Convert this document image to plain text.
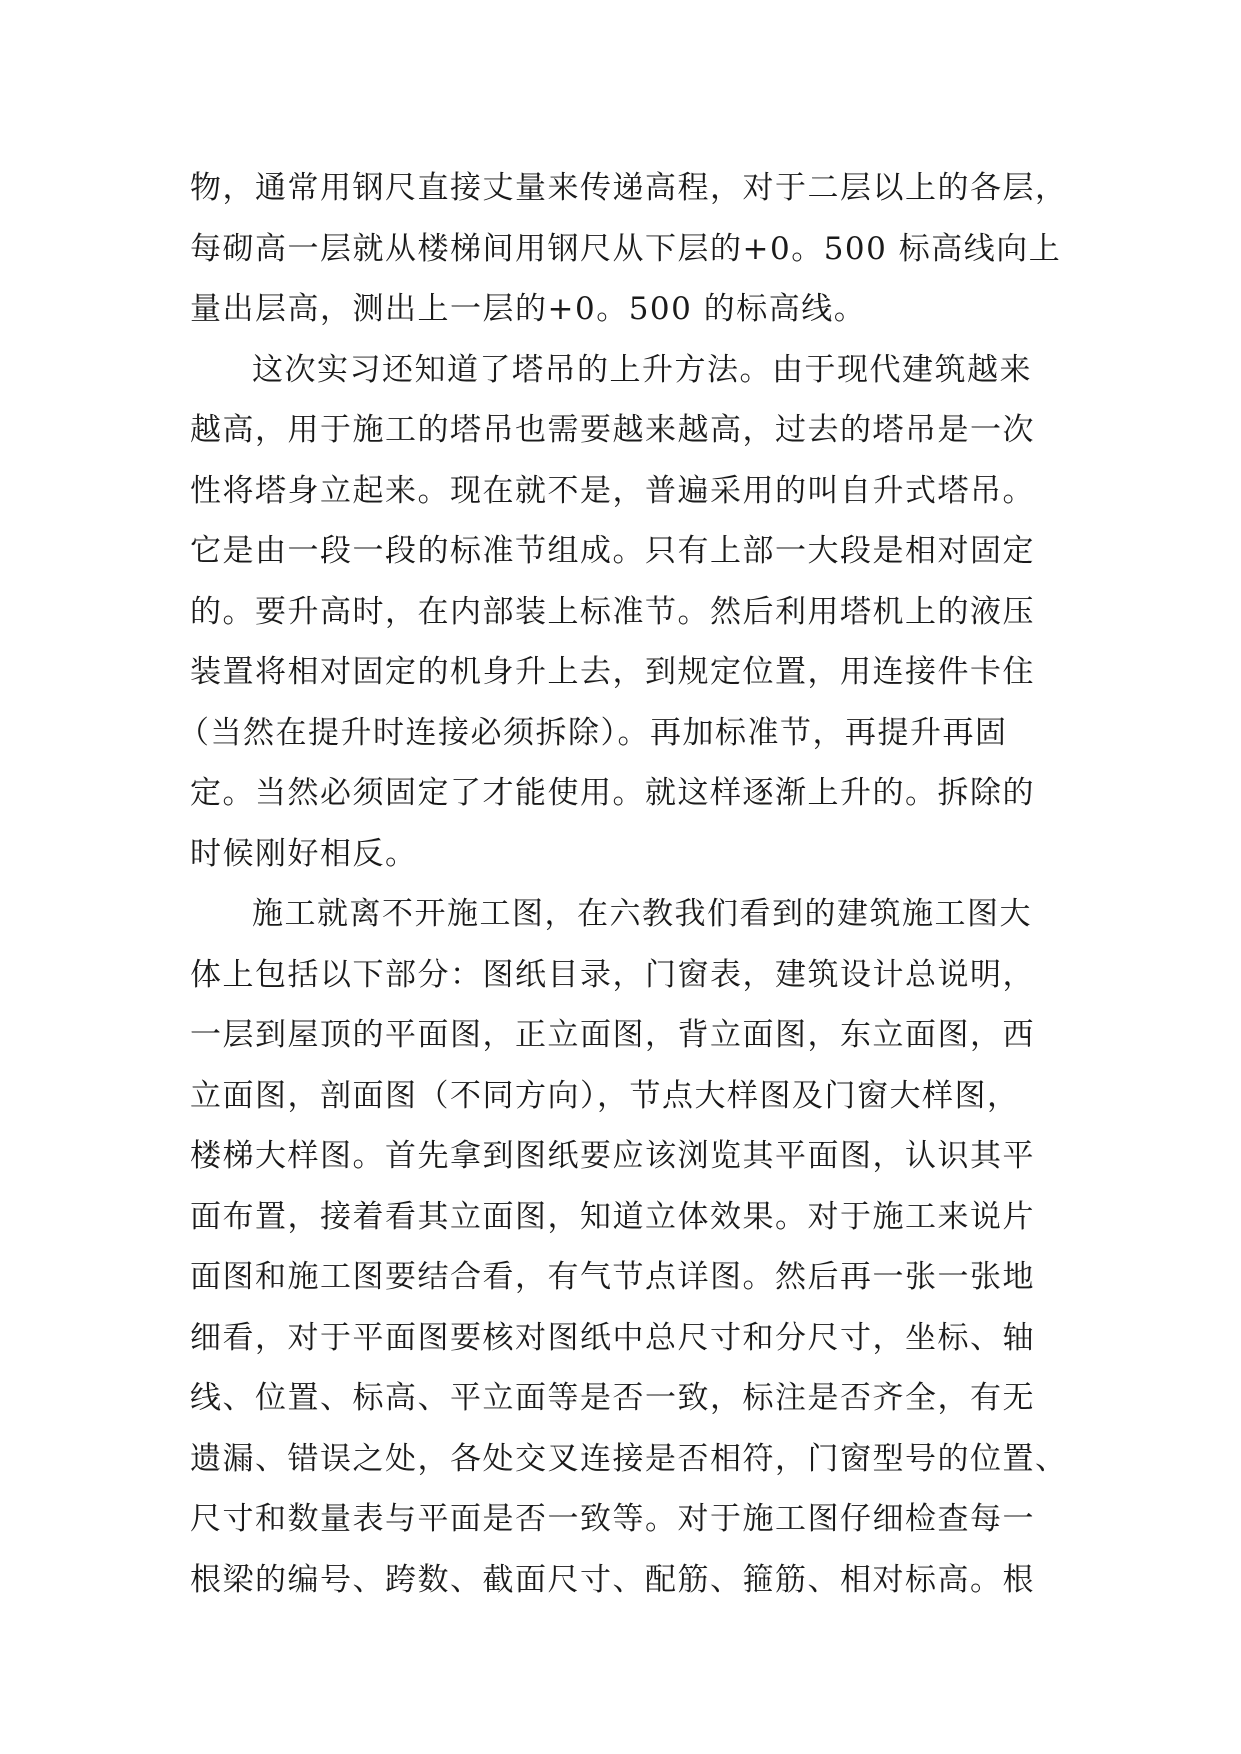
物，通常用钢尺直接丈量来传递高程，对于二层以上的各层，
每砌高一层就从楼梯间用钢尺从下层的+0。500 标高线向上
量出层高，测出上一层的+0。500 的标高线。
这次实习还知道了塔吊的上升方法。由于现代建筑越来
越高，用于施工的塔吊也需要越来越高，过去的塔吊是一次
性将塔身立起来。现在就不是，普遍采用的叫自升式塔吊。
它是由一段一段的标准节组成。只有上部一大段是相对固定
的。要升高时，在内部装上标准节。然后利用塔机上的液压
装置将相对固定的机身升上去，到规定位置，用连接件卡住
（当然在提升时连接必须拆除）。再加标准节，再提升再固
定。当然必须固定了才能使用。就这样逐渐上升的。拆除的
时候刚好相反。
施工就离不开施工图，在六教我们看到的建筑施工图大
体上包括以下部分：图纸目录，门窗表，建筑设计总说明，
一层到屋顶的平面图，正立面图，背立面图，东立面图，西
立面图，剖面图（不同方向），节点大样图及门窗大样图，
楼梯大样图。首先拿到图纸要应该浏览其平面图，认识其平
面布置，接着看其立面图，知道立体效果。对于施工来说片
面图和施工图要结合看，有气节点详图。然后再一张一张地
细看，对于平面图要核对图纸中总尺寸和分尺寸，坐标、轴
线、位置、标高、平立面等是否一致，标注是否齐全，有无
遗漏、错误之处，各处交叉连接是否相符，门窗型号的位置、
尺寸和数量表与平面是否一致等。对于施工图仔细检查每一
根梁的编号、跨数、截面尺寸、配筋、箍筋、相对标高。根
